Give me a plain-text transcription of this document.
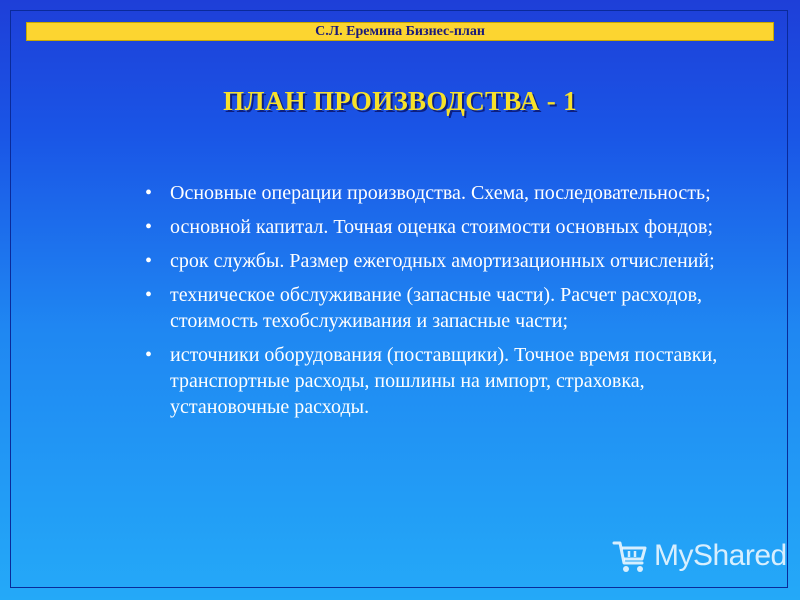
С.Л. Еремина Бизнес-план
ПЛАН ПРОИЗВОДСТВА - 1
• Основные операции производства. Схема, последовательность;
• основной капитал. Точная оценка стоимости основных фондов;
• срок службы. Размер ежегодных амортизационных отчислений;
• техническое обслуживание (запасные части). Расчет расходов, стоимость техобслуживания и запасные части;
• источники оборудования (поставщики). Точное время поставки, транспортные расходы, пошлины на импорт, страховка, установочные расходы.
MyShared
